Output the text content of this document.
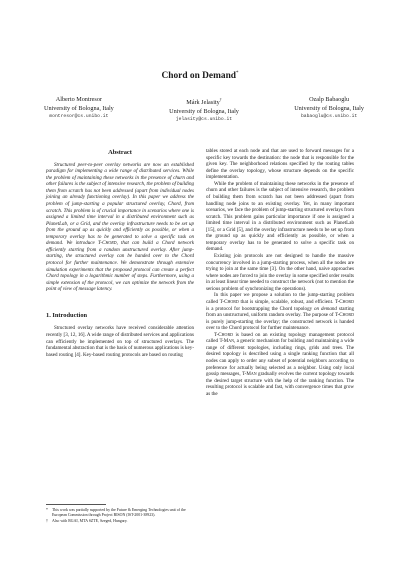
Chord on Demand*
Alberto Montresor
University of Bologna, Italy
montresor@cs.unibo.it
Márk Jelasity†
University of Bologna, Italy
jelasity@cs.unibo.it
Ozalp Babaoglu
University of Bologna, Italy
babaoglu@cs.unibo.it
Abstract

Structured peer-to-peer overlay networks are now an established paradigm for implementing a wide range of distributed services. While the problem of maintaining these networks in the presence of churn and other failures is the subject of intensive research, the problem of building them from scratch has not been addressed (apart from individual nodes joining an already functioning overlay). In this paper we address the problem of jump-starting a popular structured overlay, Chord, from scratch. This problem is of crucial importance in scenarios where one is assigned a limited time interval in a distributed environment such as PlanetLab, or a Grid, and the overlay infrastructure needs to be set up from the ground up as quickly and efficiently as possible, or when a temporary overlay has to be generated to solve a specific task on demand. We introduce T-Chord, that can build a Chord network efficiently starting from a random unstructured overlay. After jump-starting, the structured overlay can be handed over to the Chord protocol for further maintenance. We demonstrate through extensive simulation experiments that the proposed protocol can create a perfect Chord topology in a logarithmic number of steps. Furthermore, using a simple extension of the protocol, we can optimize the network from the point of view of message latency.

1. Introduction

Structured overlay networks have received considerable attention recently [3, 12, 16]. A wide range of distributed services and applications can efficiently be implemented on top of structured overlays. The fundamental abstraction that is the basis of numerous applications is key-based routing [4]. Key-based routing protocols are based on routing

*	This work was partially supported by the Future & Emerging Technologies unit of the European Commission through Project BISON (IST-2001-38923).
†	Also with RGAI, MTA SZTE, Szeged, Hungary.

tables stored at each node and that are used to forward messages for a specific key towards the destination: the node that is responsible for the given key. The neighborhood relations specified by the routing tables define the overlay topology, whose structure depends on the specific implementation.

While the problem of maintaining these networks in the presence of churn and other failures is the subject of intensive research, the problem of building them from scratch has not been addressed (apart from handling node joins to an existing overlay. Yet, in many important scenarios, we face the problem of jump-starting structured overlays from scratch. This problem gains particular importance if one is assigned a limited time interval in a distributed environment such as PlanetLab [15], or a Grid [5], and the overlay infrastructure needs to be set up from the ground up as quickly and efficiently as possible, or when a temporary overlay has to be generated to solve a specific task on demand.

Existing join protocols are not designed to handle the massive concurrency involved in a jump-starting process, when all the nodes are trying to join at the same time [3]. On the other hand, naive approaches where nodes are forced to join the overlay in some specified order results in at least linear time needed to construct the network (not to mention the serious problem of synchronizing the operations).

In this paper we propose a solution to the jump-starting problem called T-Chord that is simple, scalable, robust, and efficient. T-Chord is a protocol for bootstrapping the Chord topology on demand starting from an unstructured, uniform random overlay. The purpose of T-Chord is purely jump-starting the overlay; the constructed network is handed over to the Chord protocol for further maintenance.

T-Chord is based on an existing topology management protocol called T-Man, a generic mechanism for building and maintaining a wide range of different topologies, including rings, grids and trees. The desired topology is described using a single ranking function that all nodes can apply to order any subset of potential neighbors according to preference for actually being selected as a neighbor. Using only local gossip messages, T-Man gradually evolves the current topology towards the desired target structure with the help of the ranking function. The resulting protocol is scalable and fast, with convergence times that grow as the
